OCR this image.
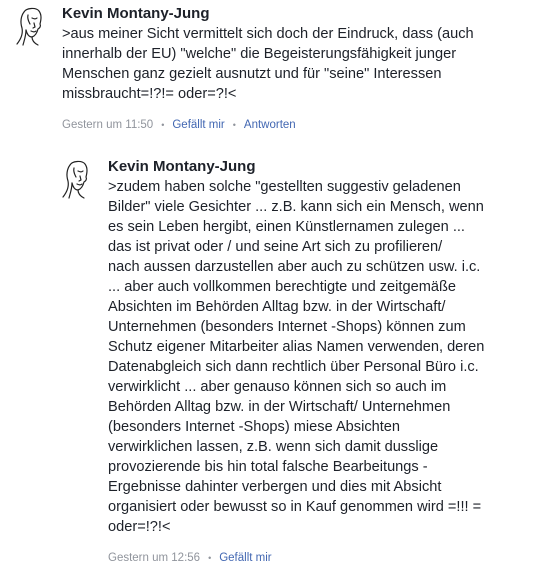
Kevin Montany-Jung

>aus meiner Sicht vermittelt sich doch der Eindruck, dass (auch
innerhalb der EU) "welche" die Begeisterungsfähigkeit junger
Menschen ganz gezielt ausnutzt und für "seine" Interessen
missbraucht=!?!= oder=?!<

Gestern um 11:50 • Gefällt mir • Antworten

Kevin Montany-Jung

>zudem haben solche "gestellten suggestiv geladenen
Bilder" viele Gesichter ... z.B. kann sich ein Mensch, wenn
es sein Leben hergibt, einen Künstlernamen zulegen ...
das ist privat oder / und seine Art sich zu profilieren/
nach aussen darzustellen aber auch zu schützen usw. i.c.
... aber auch vollkommen berechtigte und zeitgemäße
Absichten im Behörden Alltag bzw. in der Wirtschaft/
Unternehmen (besonders Internet -Shops) können zum
Schutz eigener Mitarbeiter alias Namen verwenden, deren
Datenabgleich sich dann rechtlich über Personal Büro i.c.
verwirklicht ... aber genauso können sich so auch im
Behörden Alltag bzw. in der Wirtschaft/ Unternehmen
(besonders Internet -Shops) miese Absichten
verwirklichen lassen, z.B. wenn sich damit dusslige
provozierende bis hin total falsche Bearbeitungs -
Ergebnisse dahinter verbergen und dies mit Absicht
organisiert oder bewusst so in Kauf genommen wird =!!! =
oder=!?!<

Gestern um 12:56 • Gefällt mir
